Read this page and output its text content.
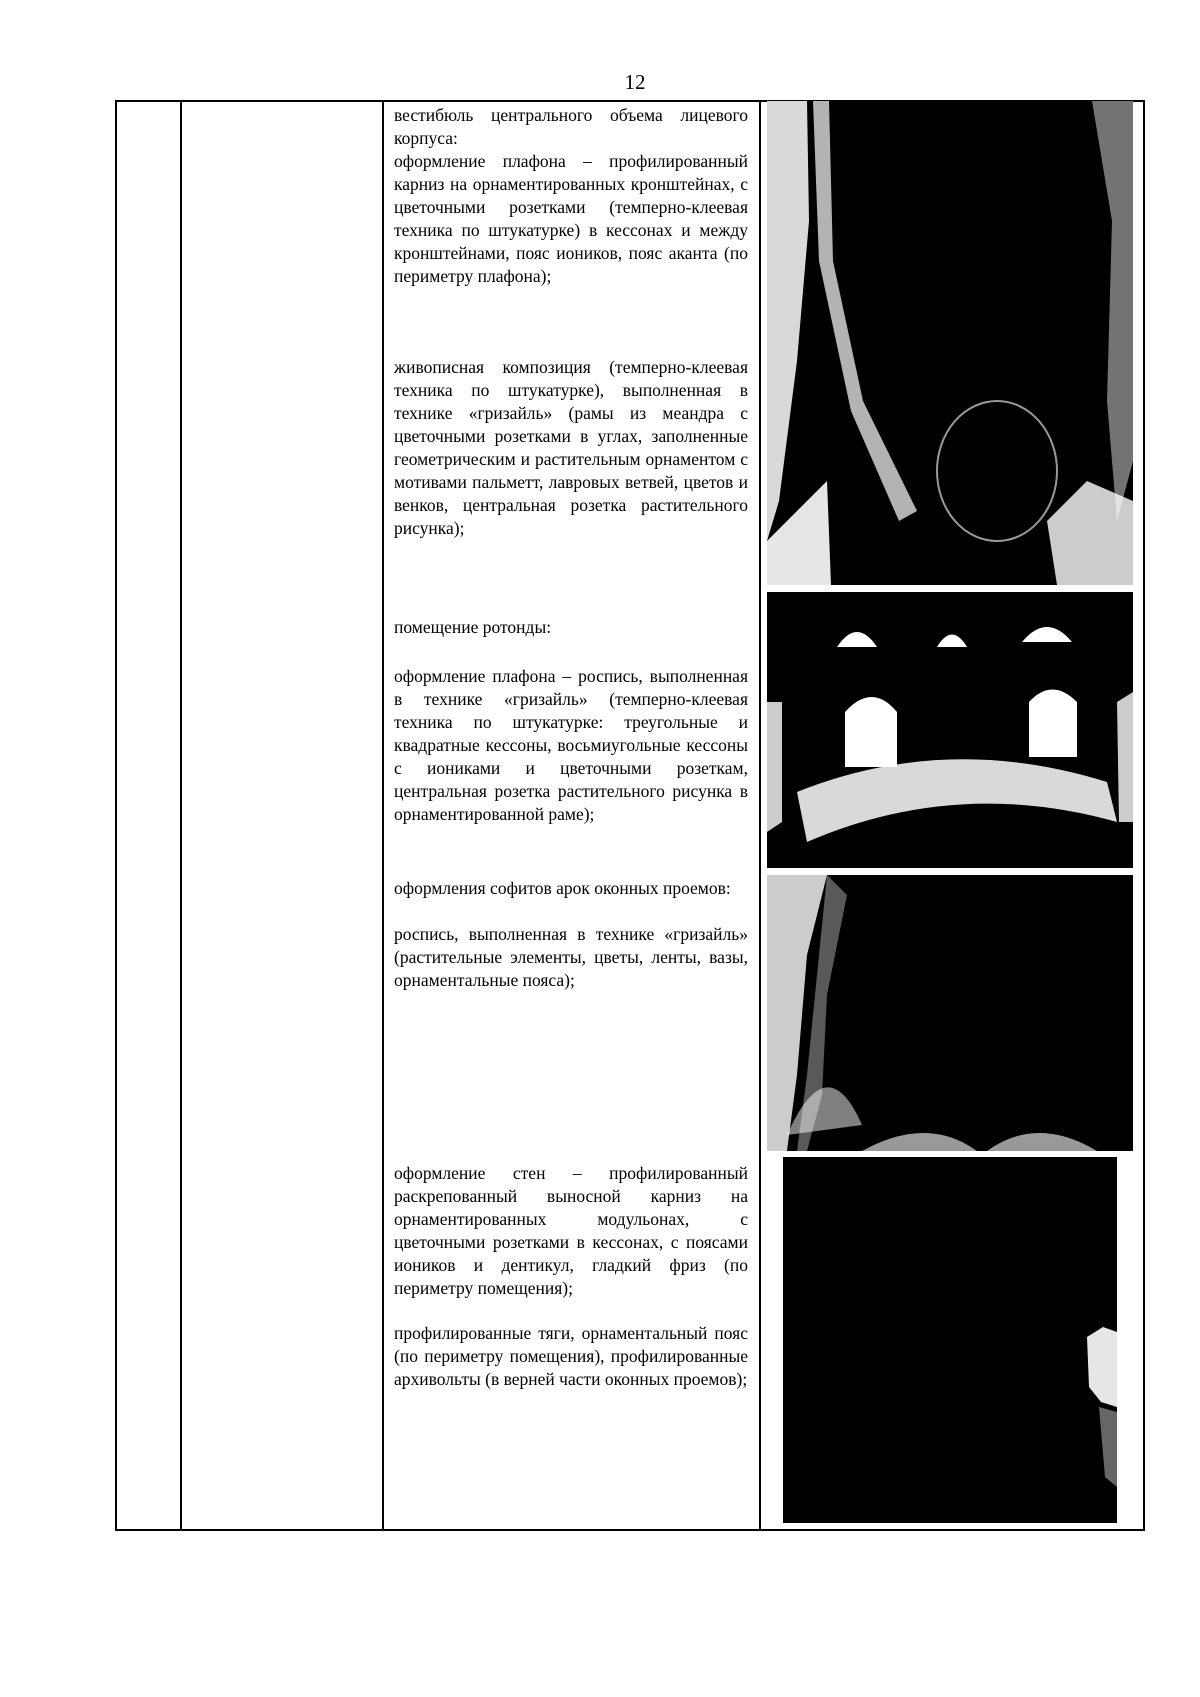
12

вестибюль центрального объема лицевого корпуса:

оформление плафона – профилированный карниз на орнаментированных кронштейнах, с цветочными розетками (темперно-клеевая техника по штукатурке) в кессонах и между кронштейнами, пояс иоников, пояс аканта (по периметру плафона);

живописная композиция (темперно-клеевая техника по штукатурке), выполненная в технике «гризайль» (рамы из меандра с цветочными розетками в углах, заполненные геометрическим и растительным орнаментом с мотивами пальметт, лавровых ветвей, цветов и венков, центральная розетка растительного рисунка);

помещение ротонды:

оформление плафона – роспись, выполненная в технике «гризайль» (темперно-клеевая техника по штукатурке: треугольные и квадратные кессоны, восьмиугольные кессоны с иониками и цветочными розеткам, центральная розетка растительного рисунка в орнаментированной раме);

оформления софитов арок оконных проемов:

роспись, выполненная в технике «гризайль» (растительные элементы, цветы, ленты, вазы, орнаментальные пояса);

оформление стен – профилированный раскрепованный выносной карниз на орнаментированных модульонах, с цветочными розетками в кессонах, с поясами иоников и дентикул, гладкий фриз (по периметру помещения);

профилированные тяги, орнаментальный пояс (по периметру помещения), профилированные архивольты (в верней части оконных проемов);
